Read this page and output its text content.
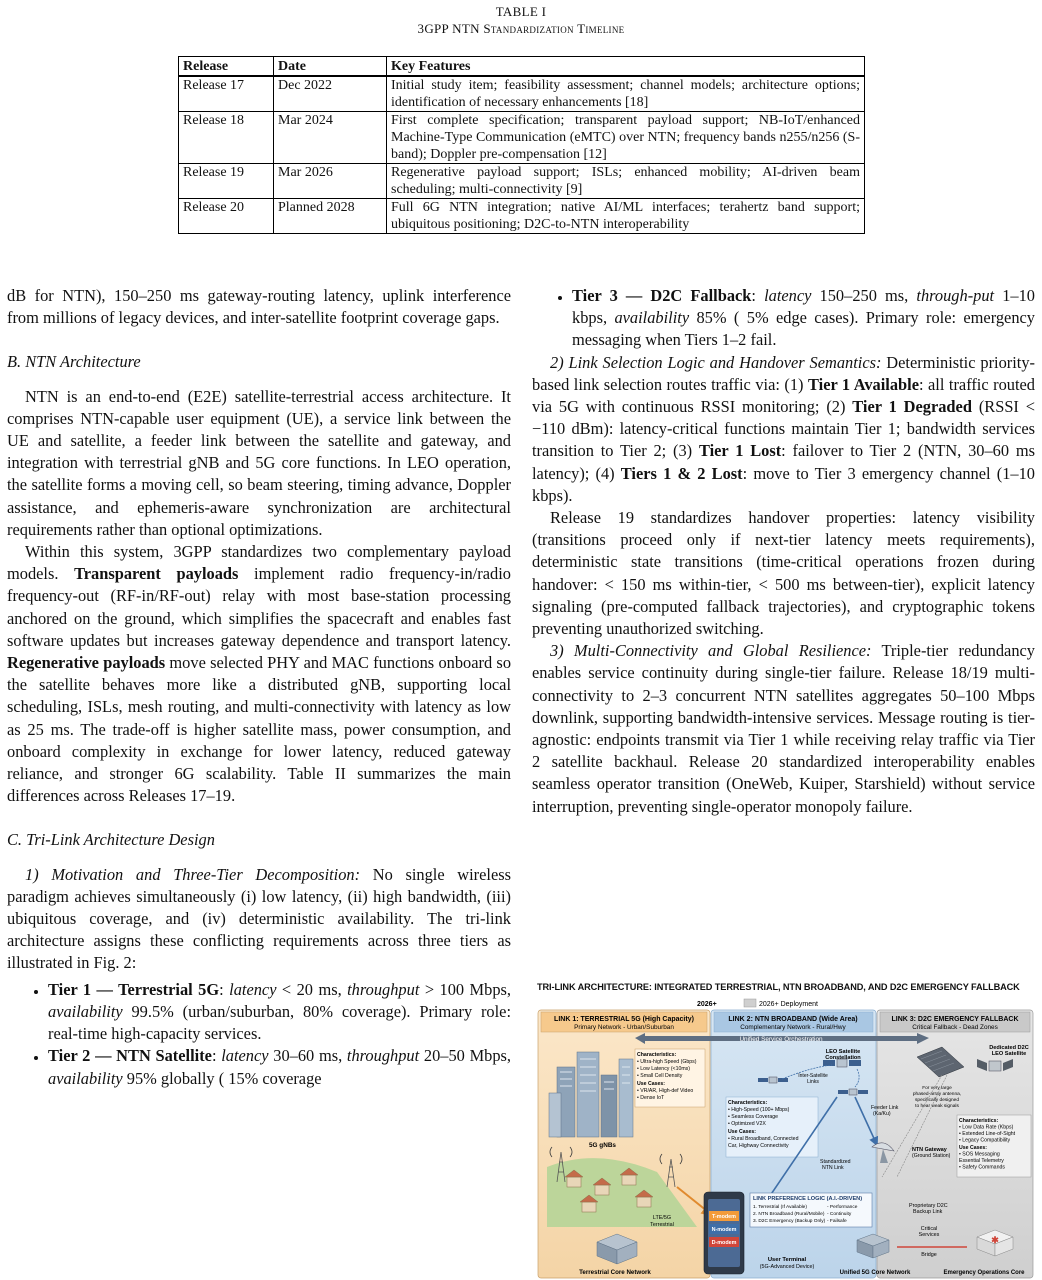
TABLE I
3GPP NTN Standardization Timeline
Release	Date	Key Features
Release 17	Dec 2022	Initial study item; feasibility assessment; channel models; architecture options; identification of necessary enhancements [18]
Release 18	Mar 2024	First complete specification; transparent payload support; NB-IoT/enhanced Machine-Type Communication (eMTC) over NTN; frequency bands n255/n256 (S-band); Doppler pre-compensation [12]
Release 19	Mar 2026	Regenerative payload support; ISLs; enhanced mobility; AI-driven beam scheduling; multi-connectivity [9]
Release 20	Planned 2028	Full 6G NTN integration; native AI/ML interfaces; terahertz band support; ubiquitous positioning; D2C-to-NTN interoperability

dB for NTN), 150–250 ms gateway-routing latency, uplink interference from millions of legacy devices, and inter-satellite footprint coverage gaps.

B. NTN Architecture

NTN is an end-to-end (E2E) satellite-terrestrial access architecture. It comprises NTN-capable user equipment (UE), a service link between the UE and satellite, a feeder link between the satellite and gateway, and integration with terrestrial gNB and 5G core functions. In LEO operation, the satellite forms a moving cell, so beam steering, timing advance, Doppler assistance, and ephemeris-aware synchronization are architectural requirements rather than optional optimizations.

Within this system, 3GPP standardizes two complementary payload models. Transparent payloads implement radio frequency-in/radio frequency-out (RF-in/RF-out) relay with most base-station processing anchored on the ground, which simplifies the spacecraft and enables fast software updates but increases gateway dependence and transport latency. Regenerative payloads move selected PHY and MAC functions onboard so the satellite behaves more like a distributed gNB, supporting local scheduling, ISLs, mesh routing, and multi-connectivity with latency as low as 25 ms. The trade-off is higher satellite mass, power consumption, and onboard complexity in exchange for lower latency, reduced gateway reliance, and stronger 6G scalability. Table II summarizes the main differences across Releases 17–19.

C. Tri-Link Architecture Design

1) Motivation and Three-Tier Decomposition: No single wireless paradigm achieves simultaneously (i) low latency, (ii) high bandwidth, (iii) ubiquitous coverage, and (iv) deterministic availability. The tri-link architecture assigns these conflicting requirements across three tiers as illustrated in Fig. 2:

• Tier 1 — Terrestrial 5G: latency < 20 ms, throughput > 100 Mbps, availability 99.5% (urban/suburban, 80% coverage). Primary role: real-time high-capacity services.
• Tier 2 — NTN Satellite: latency 30–60 ms, throughput 20–50 Mbps, availability 95% globally ( 15% coverage
• Tier 3 — D2C Fallback: latency 150–250 ms, through-put 1–10 kbps, availability 85% ( 5% edge cases). Primary role: emergency messaging when Tiers 1–2 fail.

2) Link Selection Logic and Handover Semantics: Deterministic priority-based link selection routes traffic via: (1) Tier 1 Available: all traffic routed via 5G with continuous RSSI monitoring; (2) Tier 1 Degraded (RSSI < −110 dBm): latency-critical functions maintain Tier 1; bandwidth services transition to Tier 2; (3) Tier 1 Lost: failover to Tier 2 (NTN, 30–60 ms latency); (4) Tiers 1 & 2 Lost: move to Tier 3 emergency channel (1–10 kbps).

Release 19 standardizes handover properties: latency visibility (transitions proceed only if next-tier latency meets requirements), deterministic state transitions (time-critical operations frozen during handover: < 150 ms within-tier, < 500 ms between-tier), explicit latency signaling (pre-computed fallback trajectories), and cryptographic tokens preventing unauthorized switching.

3) Multi-Connectivity and Global Resilience: Triple-tier redundancy enables service continuity during single-tier failure. Release 18/19 multi-connectivity to 2–3 concurrent NTN satellites aggregates 50–100 Mbps downlink, supporting bandwidth-intensive services. Message routing is tier-agnostic: endpoints transmit via Tier 1 while receiving relay traffic via Tier 2 satellite backhaul. Release 20 standardized interoperability enables seamless operator transition (OneWeb, Kuiper, Starshield) without service interruption, preventing single-operator monopoly failure.

TRI-LINK ARCHITECTURE: INTEGRATED TERRESTRIAL, NTN BROADBAND, AND D2C EMERGENCY FALLBACK
2026+	2026+ Deployment
LINK 1: TERRESTRIAL 5G (High Capacity)
Primary Network - Urban/Suburban
LINK 2: NTN BROADBAND (Wide Area)
Complementary Network - Rural/Hwy
LINK 3: D2C EMERGENCY FALLBACK
Critical Fallback - Dead Zones
Unified Service Orchestration
Characteristics:
• Ultra-high Speed (Gbps)
• Low Latency (<10ms)
• Small Cell Density
Use Cases:
• VR/AR, High-def Video
• Dense IoT
5G gNBs
LTE/5G
Terrestrial
Terrestrial Core Network
LEO Satellite
Constellation
Inter-Satellite
Links
Characteristics:
• High-Speed (100+ Mbps)
• Seamless Coverage
• Optimized V2X
Use Cases:
• Rural Broadband, Connected
Car, Highway Connectivity
Feeder Link
(Ka/Ku)
Standardized
NTN Link
NTN Gateway
(Ground Station)
LINK PREFERENCE LOGIC (A.I.-DRIVEN)
1. Terrestrial (If Available)	- Performance
2. NTN Broadband (Rural/Mobile) - Continuity
3. D2C Emergency (Backup Only) - Failsafe
T-modem
N-modem
D-modem
User Terminal
(5G-Advanced Device)
Unified 5G Core Network
Dedicated D2C
LEO Satellite
For very large
phased-array antenna,
specifically designed
to hear weak signals
Characteristics:
• Low Data Rate (Kbps)
• Extended Line-of-Sight
• Legacy Compatibility
Use Cases:
• SOS Messaging
Essential Telemetry
• Safety Commands
Proprietary D2C
Backup Link
Critical
Services
Bridge
✱
Emergency Operations Core
